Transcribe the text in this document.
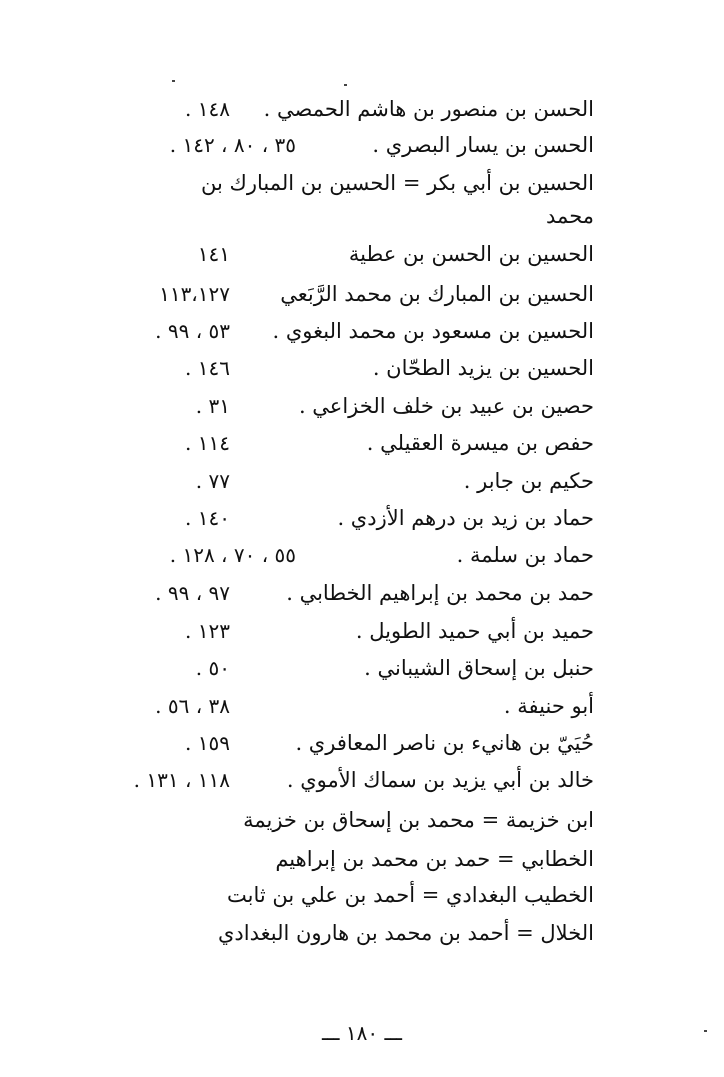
الحسن بن منصور بن هاشم الحمصي .
١٤٨ .
الحسن بن يسار البصري .
٣٥ ، ٨٠ ، ١٤٢ .
الحسين بن أبي بكر = الحسين بن المبارك بن
محمد
الحسين بن الحسن بن عطية
١٤١
الحسين بن المبارك بن محمد الرَّبَعي
١١٣،١٢٧
الحسين بن مسعود بن محمد البغوي .
٥٣ ، ٩٩ .
الحسين بن يزيد الطحّان .
١٤٦ .
حصين بن عبيد بن خلف الخزاعي .
٣١ .
حفص بن ميسرة العقيلي .
١١٤ .
حكيم بن جابر .
٧٧ .
حماد بن زيد بن درهم الأزدي .
١٤٠ .
حماد بن سلمة .
٥٥ ، ٧٠ ، ١٢٨ .
حمد بن محمد بن إبراهيم الخطابي .
٩٧ ، ٩٩ .
حميد بن أبي حميد الطويل .
١٢٣ .
حنبل بن إسحاق الشيباني .
٥٠ .
أبو حنيفة .
٣٨ ، ٥٦ .
حُيَيّ بن هانيء بن ناصر المعافري .
١٥٩ .
خالد بن أبي يزيد بن سماك الأموي .
١١٨ ، ١٣١ .
ابن خزيمة = محمد بن إسحاق بن خزيمة
الخطابي = حمد بن محمد بن إبراهيم
الخطيب البغدادي = أحمد بن علي بن ثابت
الخلال = أحمد بن محمد بن هارون البغدادي
ـــ ١٨٠ ـــ
